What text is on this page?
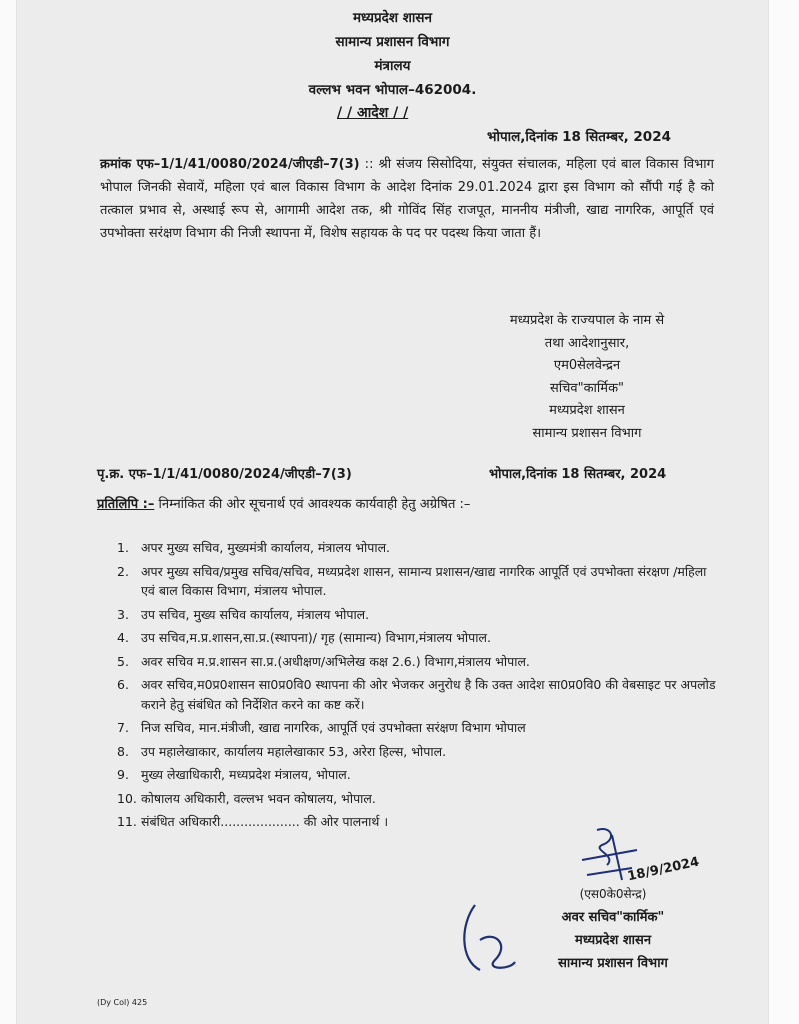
मध्यप्रदेश शासन
सामान्य प्रशासन विभाग
मंत्रालय
वल्लभ भवन भोपाल–462004.
/ / आदेश / /
भोपाल,दिनांक 18 सितम्बर, 2024
क्रमांक एफ–1/1/41/0080/2024/जीएडी–7(3) :: श्री संजय सिसोदिया, संयुक्त संचालक, महिला एवं बाल विकास विभाग भोपाल जिनकी सेवायें, महिला एवं बाल विकास विभाग के आदेश दिनांक 29.01.2024 द्वारा इस विभाग को सौंपी गई है को तत्काल प्रभाव से, अस्थाई रूप से, आगामी आदेश तक, श्री गोविंद सिंह राजपूत, माननीय मंत्रीजी, खाद्य नागरिक, आपूर्ति एवं उपभोक्ता सरंक्षण विभाग की निजी स्थापना में, विशेष सहायक के पद पर पदस्थ किया जाता हैं।
मध्यप्रदेश के राज्यपाल के नाम से
तथा आदेशानुसार,
एम0सेलवेन्द्रन
सचिव"कार्मिक"
मध्यप्रदेश शासन
सामान्य प्रशासन विभाग
पृ.क्र. एफ–1/1/41/0080/2024/जीएडी–7(3)	भोपाल,दिनांक 18 सितम्बर, 2024
प्रतिलिपि :– निम्नांकित की ओर सूचनार्थ एवं आवश्यक कार्यवाही हेतु अग्रेषित :–
1. अपर मुख्य सचिव, मुख्यमंत्री कार्यालय, मंत्रालय भोपाल.
2. अपर मुख्य सचिव/प्रमुख सचिव/सचिव, मध्यप्रदेश शासन, सामान्य प्रशासन/खाद्य नागरिक आपूर्ति एवं उपभोक्ता संरक्षण /महिला एवं बाल विकास विभाग, मंत्रालय भोपाल.
3. उप सचिव, मुख्य सचिव कार्यालय, मंत्रालय भोपाल.
4. उप सचिव,म.प्र.शासन,सा.प्र.(स्थापना)/ गृह (सामान्य) विभाग,मंत्रालय भोपाल.
5. अवर सचिव म.प्र.शासन सा.प्र.(अधीक्षण/अभिलेख कक्ष 2.6.) विभाग,मंत्रालय भोपाल.
6. अवर सचिव,म0प्र0शासन सा0प्र0वि0 स्थापना की ओर भेजकर अनुरोध है कि उक्त आदेश सा0प्र0वि0 की वेबसाइट पर अपलोड कराने हेतु संबंधित को निर्देशित करने का कष्ट करें।
7. निज सचिव, मान.मंत्रीजी, खाद्य नागरिक, आपूर्ति एवं उपभोक्ता सरंक्षण विभाग भोपाल
8. उप महालेखाकार, कार्यालय महालेखाकार 53, अरेरा हिल्स, भोपाल.
9. मुख्य लेखाधिकारी, मध्यप्रदेश मंत्रालय, भोपाल.
10. कोषालय अधिकारी, वल्लभ भवन कोषालय, भोपाल.
11. संबंधित अधिकारी.................... की ओर पालनार्थ ।
18/9/2024
(एस0के0सेन्द्र)
अवर सचिव"कार्मिक"
मध्यप्रदेश शासन
सामान्य प्रशासन विभाग
(Dy Col) 425
